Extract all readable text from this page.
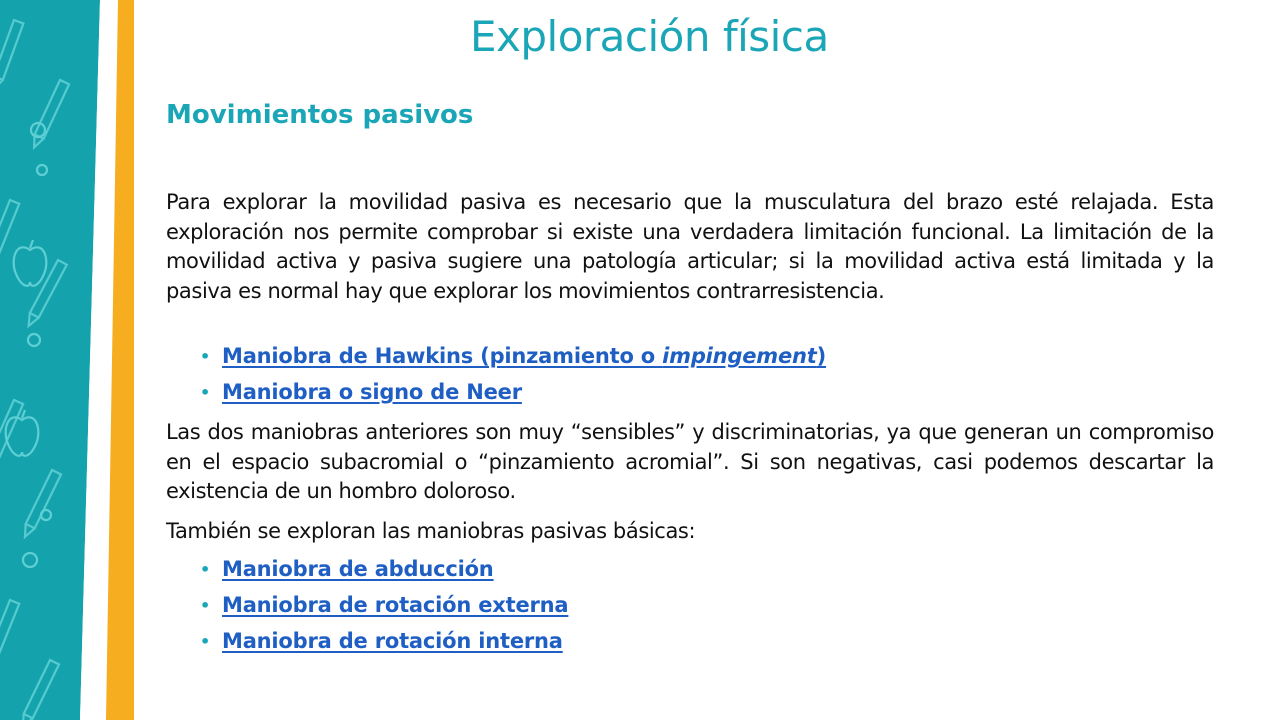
Exploración física
Movimientos pasivos

Para explorar la movilidad pasiva es necesario que la musculatura del brazo esté relajada. Esta exploración nos permite comprobar si existe una verdadera limitación funcional. La limitación de la movilidad activa y pasiva sugiere una patología articular; si la movilidad activa está limitada y la pasiva es normal hay que explorar los movimientos contrarresistencia.

• Maniobra de Hawkins (pinzamiento o impingement)
• Maniobra o signo de Neer

Las dos maniobras anteriores son muy “sensibles” y discriminatorias, ya que generan un compromiso en el espacio subacromial o “pinzamiento acromial”. Si son negativas, casi podemos descartar la existencia de un hombro doloroso.

También se exploran las maniobras pasivas básicas:

• Maniobra de abducción
• Maniobra de rotación externa
• Maniobra de rotación interna
